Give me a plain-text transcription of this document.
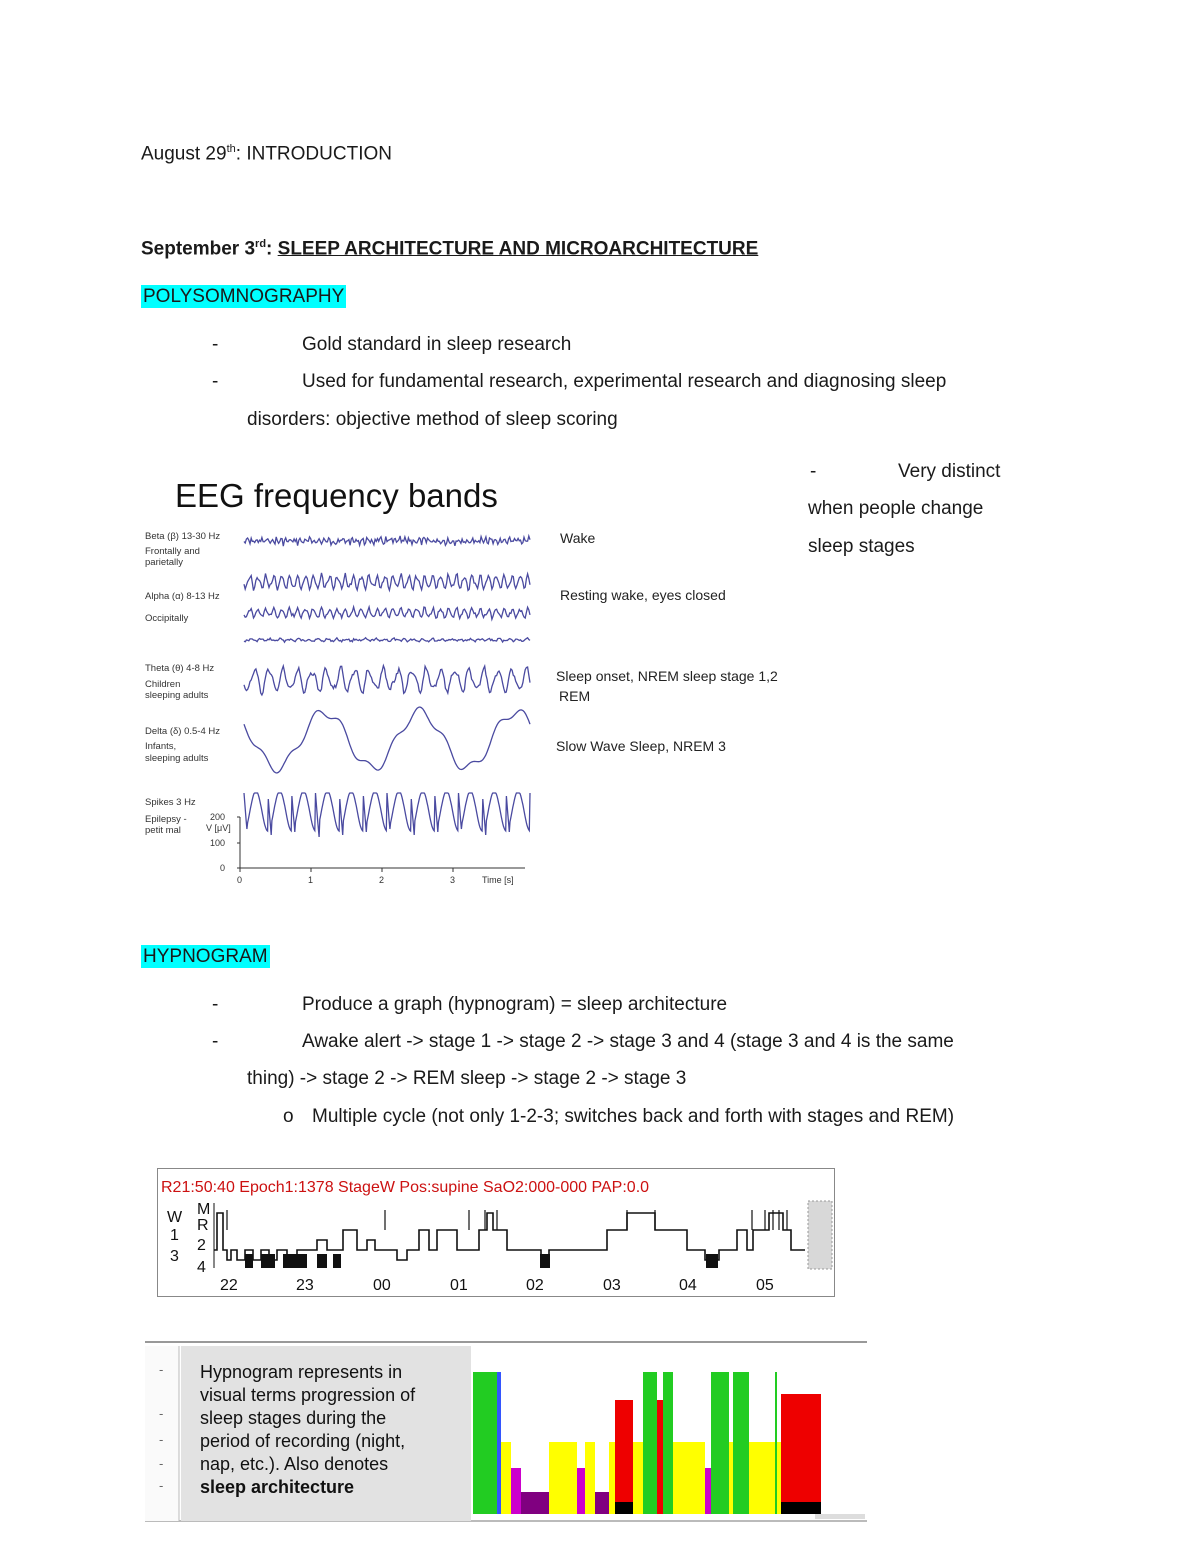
August 29th: INTRODUCTION
September 3rd: SLEEP ARCHITECTURE AND MICROARCHITECTURE
POLYSOMNOGRAPHY
-	Gold standard in sleep research
-	Used for fundamental research, experimental research and diagnosing sleep
disorders: objective method of sleep scoring
-	Very distinct
when people change
sleep stages
EEG frequency bands
Beta (β) 13-30 Hz
Frontally and
parietally
Alpha (α) 8-13 Hz
Occipitally
Theta (θ) 4-8 Hz
Children
sleeping adults
Delta (δ) 0.5-4 Hz
Infants,
sleeping adults
Spikes 3 Hz
Epilepsy -
petit mal
Wake
Resting wake, eyes closed
Sleep onset, NREM sleep stage 1,2
REM
Slow Wave Sleep, NREM 3
V [μV]
200
100
0
0	1	2	3	Time [s]
HYPNOGRAM
-	Produce a graph (hypnogram) = sleep architecture
-	Awake alert -> stage 1 -> stage 2 -> stage 3 and 4 (stage 3 and 4 is the same
thing) -> stage 2 -> REM sleep -> stage 2 -> stage 3
o Multiple cycle (not only 1-2-3; switches back and forth with stages and REM)
R21:50:40 Epoch1:1378 StageW Pos:supine SaO2:000-000 PAP:0.0
W
1
3
M
R
2
4
22	23	00	01	02	03	04	05
-
-
-
-
-
Hypnogram represents in
visual terms progression of
sleep stages during the
period of recording (night,
nap, etc.). Also denotes
sleep architecture
